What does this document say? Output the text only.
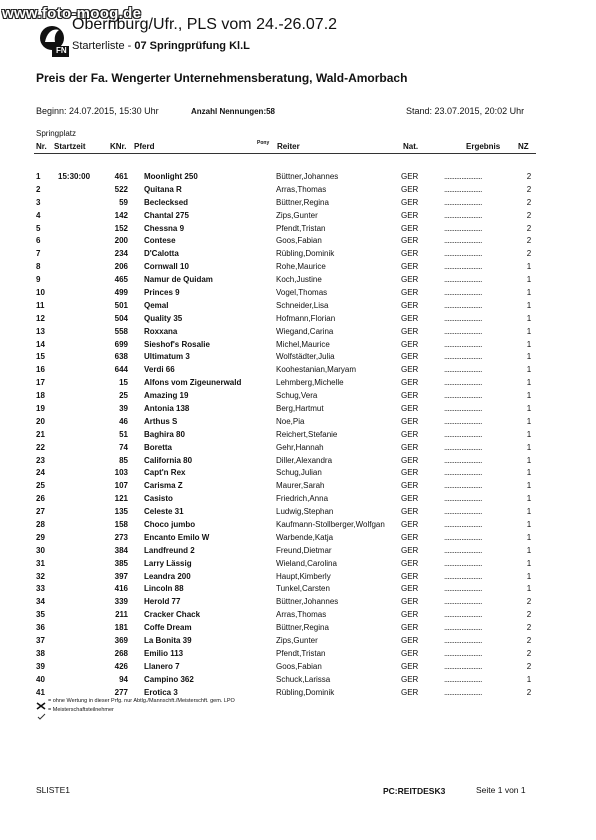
www.foto-moog.de
FN
Obernburg/Ufr., PLS vom 24.-26.07.2
Starterliste - 07 Springprüfung Kl.L
Preis der Fa. Wengerter Unternehmensberatung, Wald-Amorbach
Beginn: 24.07.2015, 15:30 Uhr	Anzahl Nennungen:58	Stand: 23.07.2015, 20:02 Uhr
Springplatz
Nr. Startzeit	KNr. Pferd	Pony Reiter	Nat.	Ergebnis NZ
1	15:30:00	461	Moonlight 250	Büttner,Johannes	GER	......................	2
2		522	Quitana R	Arras,Thomas	GER	......................	2
3		59	Beclecksed	Büttner,Regina	GER	......................	2
4		142	Chantal 275	Zips,Gunter	GER	......................	2
5		152	Chessna 9	Pfendt,Tristan	GER	......................	2
6		200	Contese	Goos,Fabian	GER	......................	2
7		234	D'Calotta	Rübling,Dominik	GER	......................	2
8		206	Cornwall 10	Rohe,Maurice	GER	......................	1
9		465	Namur de Quidam	Koch,Justine	GER	......................	1
10		499	Princes 9	Vogel,Thomas	GER	......................	1
11		501	Qemal	Schneider,Lisa	GER	......................	1
12		504	Quality 35	Hofmann,Florian	GER	......................	1
13		558	Roxxana	Wiegand,Carina	GER	......................	1
14		699	Sieshof's Rosalie	Michel,Maurice	GER	......................	1
15		638	Ultimatum 3	Wolfstädter,Julia	GER	......................	1
16		644	Verdi 66	Koohestanian,Maryam	GER	......................	1
17		15	Alfons vom Zigeunerwald	Lehmberg,Michelle	GER	......................	1
18		25	Amazing 19	Schug,Vera	GER	......................	1
19		39	Antonia 138	Berg,Hartmut	GER	......................	1
20		46	Arthus S	Noe,Pia	GER	......................	1
21		51	Baghira 80	Reichert,Stefanie	GER	......................	1
22		74	Boretta	Gehr,Hannah	GER	......................	1
23		85	California 80	Diller,Alexandra	GER	......................	1
24		103	Capt'n Rex	Schug,Julian	GER	......................	1
25		107	Carisma Z	Maurer,Sarah	GER	......................	1
26		121	Casisto	Friedrich,Anna	GER	......................	1
27		135	Celeste 31	Ludwig,Stephan	GER	......................	1
28		158	Choco jumbo	Kaufmann-Stollberger,Wolfgan	GER	......................	1
29		273	Encanto Emilo W	Warbende,Katja	GER	......................	1
30		384	Landfreund 2	Freund,Dietmar	GER	......................	1
31		385	Larry Lässig	Wieland,Carolina	GER	......................	1
32		397	Leandra 200	Haupt,Kimberly	GER	......................	1
33		416	Lincoln 88	Tunkel,Carsten	GER	......................	1
34		339	Herold 77	Büttner,Johannes	GER	......................	2
35		211	Cracker Chack	Arras,Thomas	GER	......................	2
36		181	Coffe Dream	Büttner,Regina	GER	......................	2
37		369	La Bonita 39	Zips,Gunter	GER	......................	2
38		268	Emilio 113	Pfendt,Tristan	GER	......................	2
39		426	Llanero 7	Goos,Fabian	GER	......................	2
40		94	Campino 362	Schuck,Larissa	GER	......................	1
41		277	Erotica 3	Rübling,Dominik	GER	......................	2
= ohne Wertung in dieser Prfg. nur Abtlg./Mannschft./Meisterschft. gem. LPO
= Meisterschaftsteilnehmer
SLISTE1	PC:REITDESK3	Seite 1 von 1
